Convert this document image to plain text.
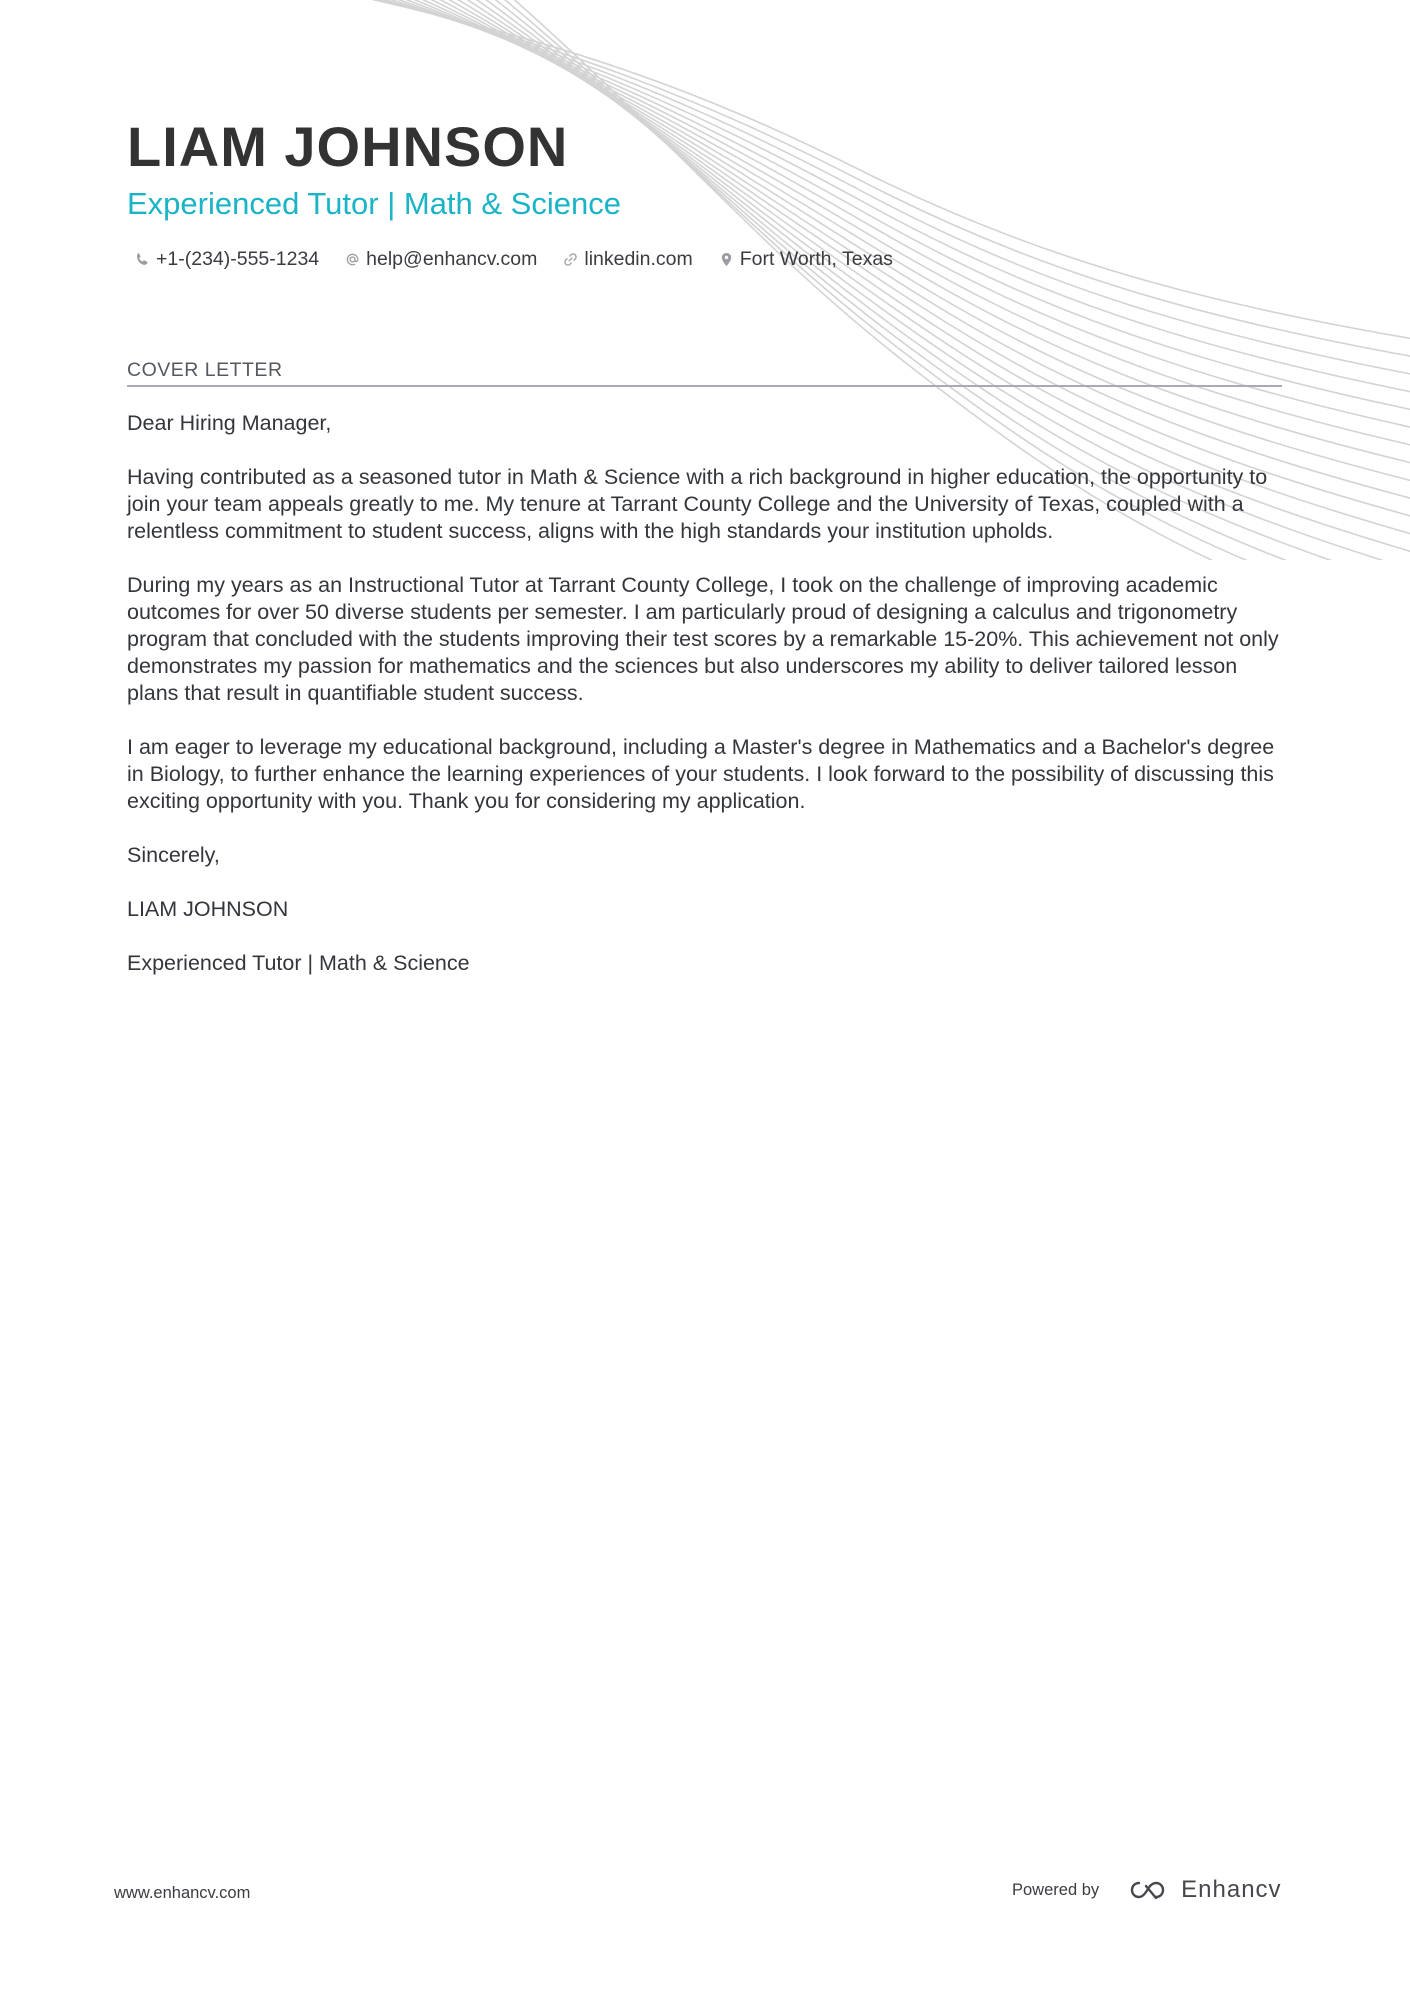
LIAM JOHNSON
Experienced Tutor | Math & Science
+1-(234)-555-1234 help@enhancv.com linkedin.com Fort Worth, Texas
COVER LETTER

Dear Hiring Manager,

Having contributed as a seasoned tutor in Math & Science with a rich background in higher education, the opportunity to join your team appeals greatly to me. My tenure at Tarrant County College and the University of Texas, coupled with a relentless commitment to student success, aligns with the high standards your institution upholds.

During my years as an Instructional Tutor at Tarrant County College, I took on the challenge of improving academic outcomes for over 50 diverse students per semester. I am particularly proud of designing a calculus and trigonometry program that concluded with the students improving their test scores by a remarkable 15-20%. This achievement not only demonstrates my passion for mathematics and the sciences but also underscores my ability to deliver tailored lesson plans that result in quantifiable student success.

I am eager to leverage my educational background, including a Master's degree in Mathematics and a Bachelor's degree in Biology, to further enhance the learning experiences of your students. I look forward to the possibility of discussing this exciting opportunity with you. Thank you for considering my application.

Sincerely,

LIAM JOHNSON

Experienced Tutor | Math & Science

www.enhancv.com	Powered by	Enhancv
